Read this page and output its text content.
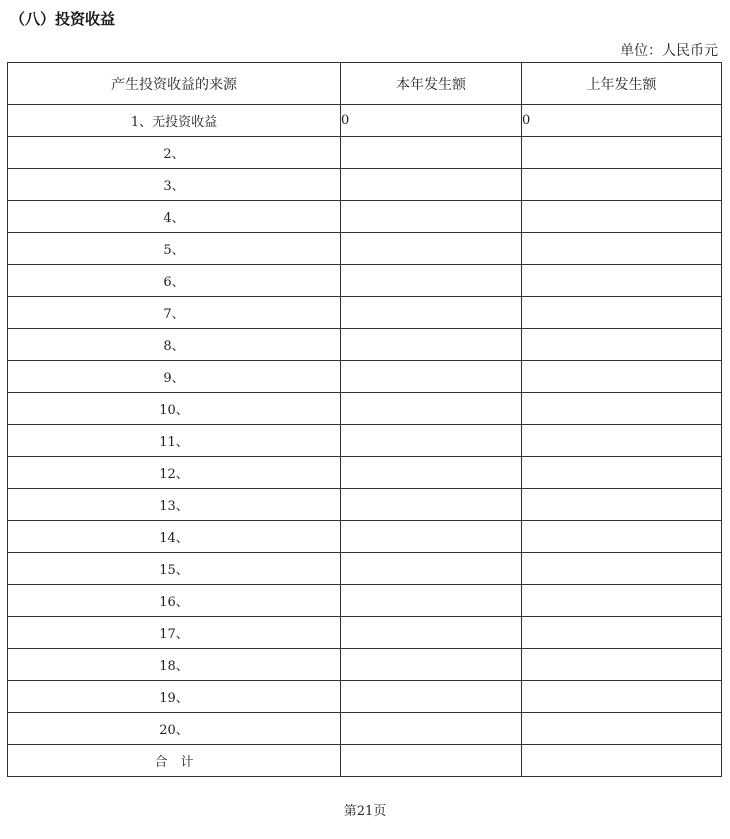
（八）投资收益
单位：人民币元
产生投资收益的来源	本年发生额	上年发生额
1、无投资收益	0	0
2、		
3、		
4、		
5、		
6、		
7、		
8、		
9、		
10、		
11、		
12、		
13、		
14、		
15、		
16、		
17、		
18、		
19、		
20、		
合　计		
第21页
